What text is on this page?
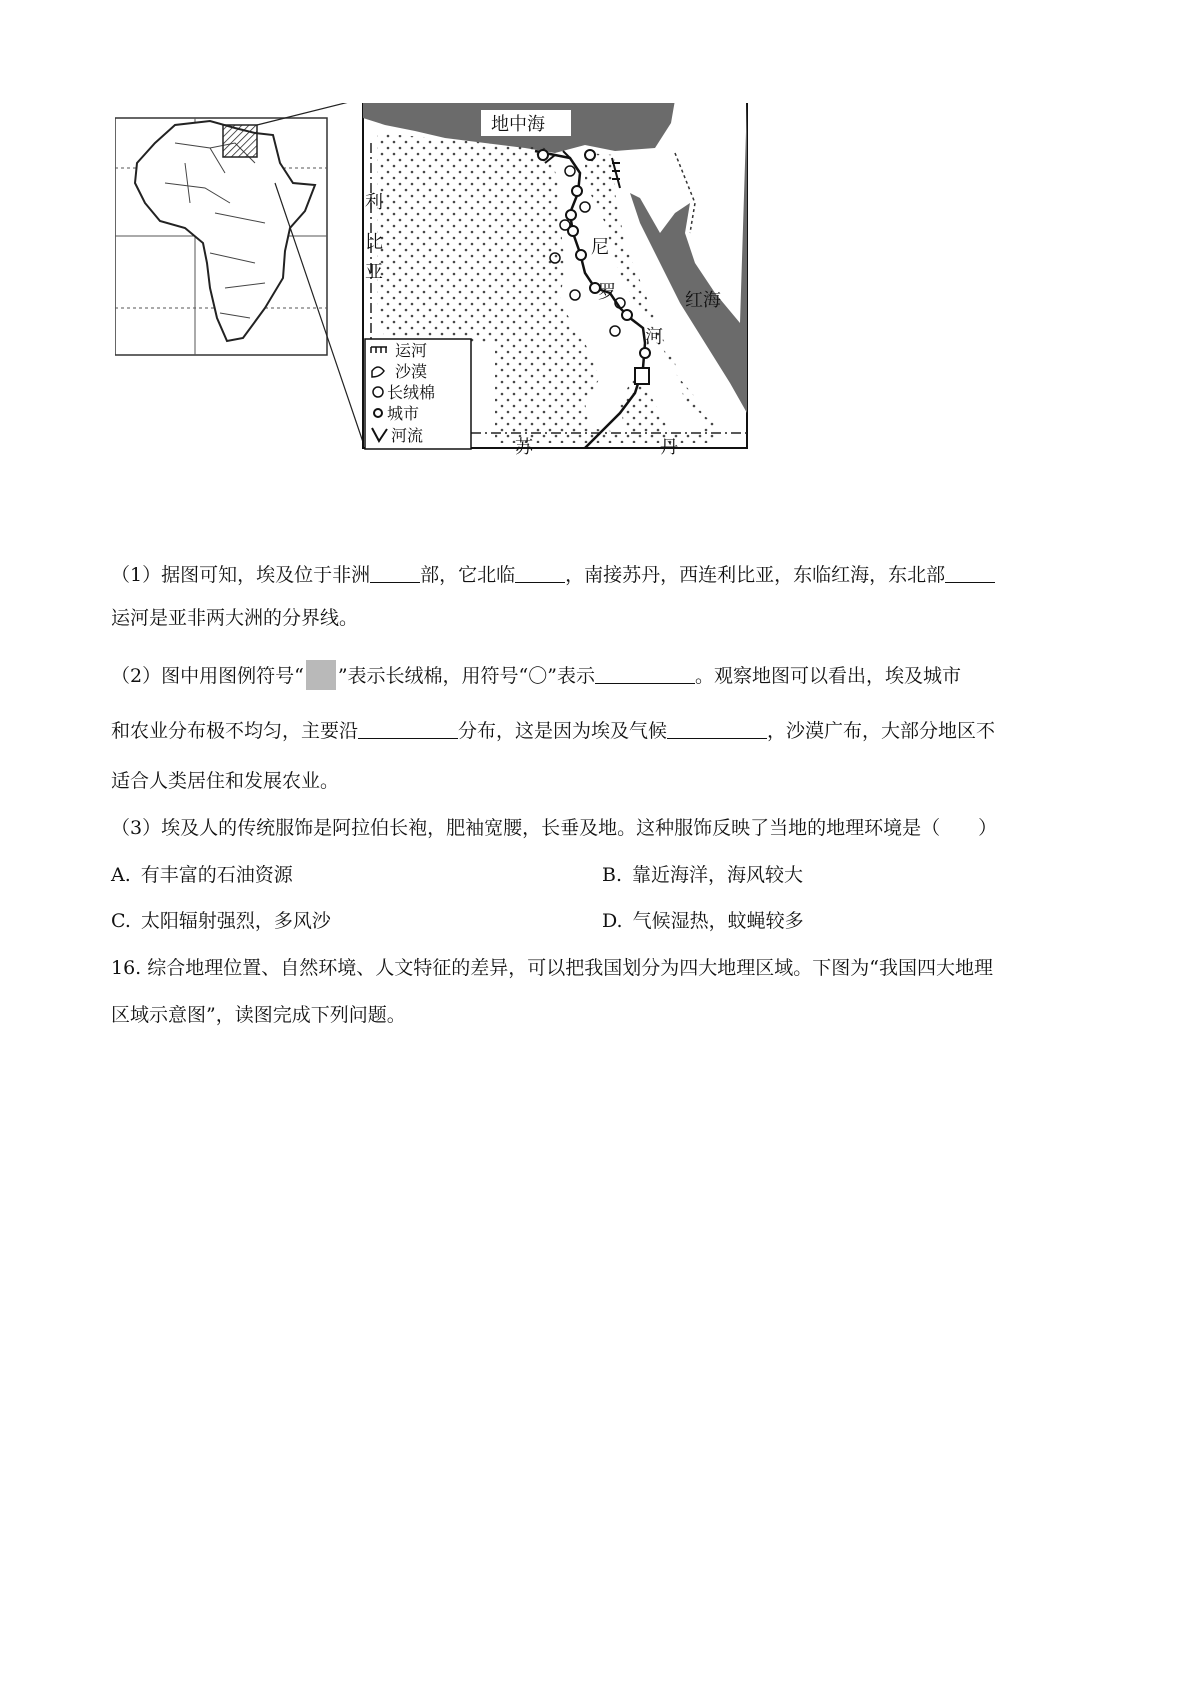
地中海
红海
利
比
亚
尼
罗
河
苏	丹
运河
沙漠
长绒棉
城市
河流
（1）据图可知，埃及位于非洲	部，它北临	，南接苏丹，西连利比亚，东临红海，东北部
运河是亚非两大洲的分界线。
（2）图中用图例符号“ ”表示长绒棉，用符号“〇”表示	。观察地图可以看出，埃及城市
和农业分布极不均匀，主要沿	分布，这是因为埃及气候	，沙漠广布，大部分地区不
适合人类居住和发展农业。
（3）埃及人的传统服饰是阿拉伯长袍，肥袖宽腰，长垂及地。这种服饰反映了当地的地理环境是（　　）
A. 有丰富的石油资源	B. 靠近海洋，海风较大
C. 太阳辐射强烈，多风沙	D. 气候湿热，蚊蝇较多
16. 综合地理位置、自然环境、人文特征的差异，可以把我国划分为四大地理区域。下图为“我国四大地理
区域示意图”，读图完成下列问题。
